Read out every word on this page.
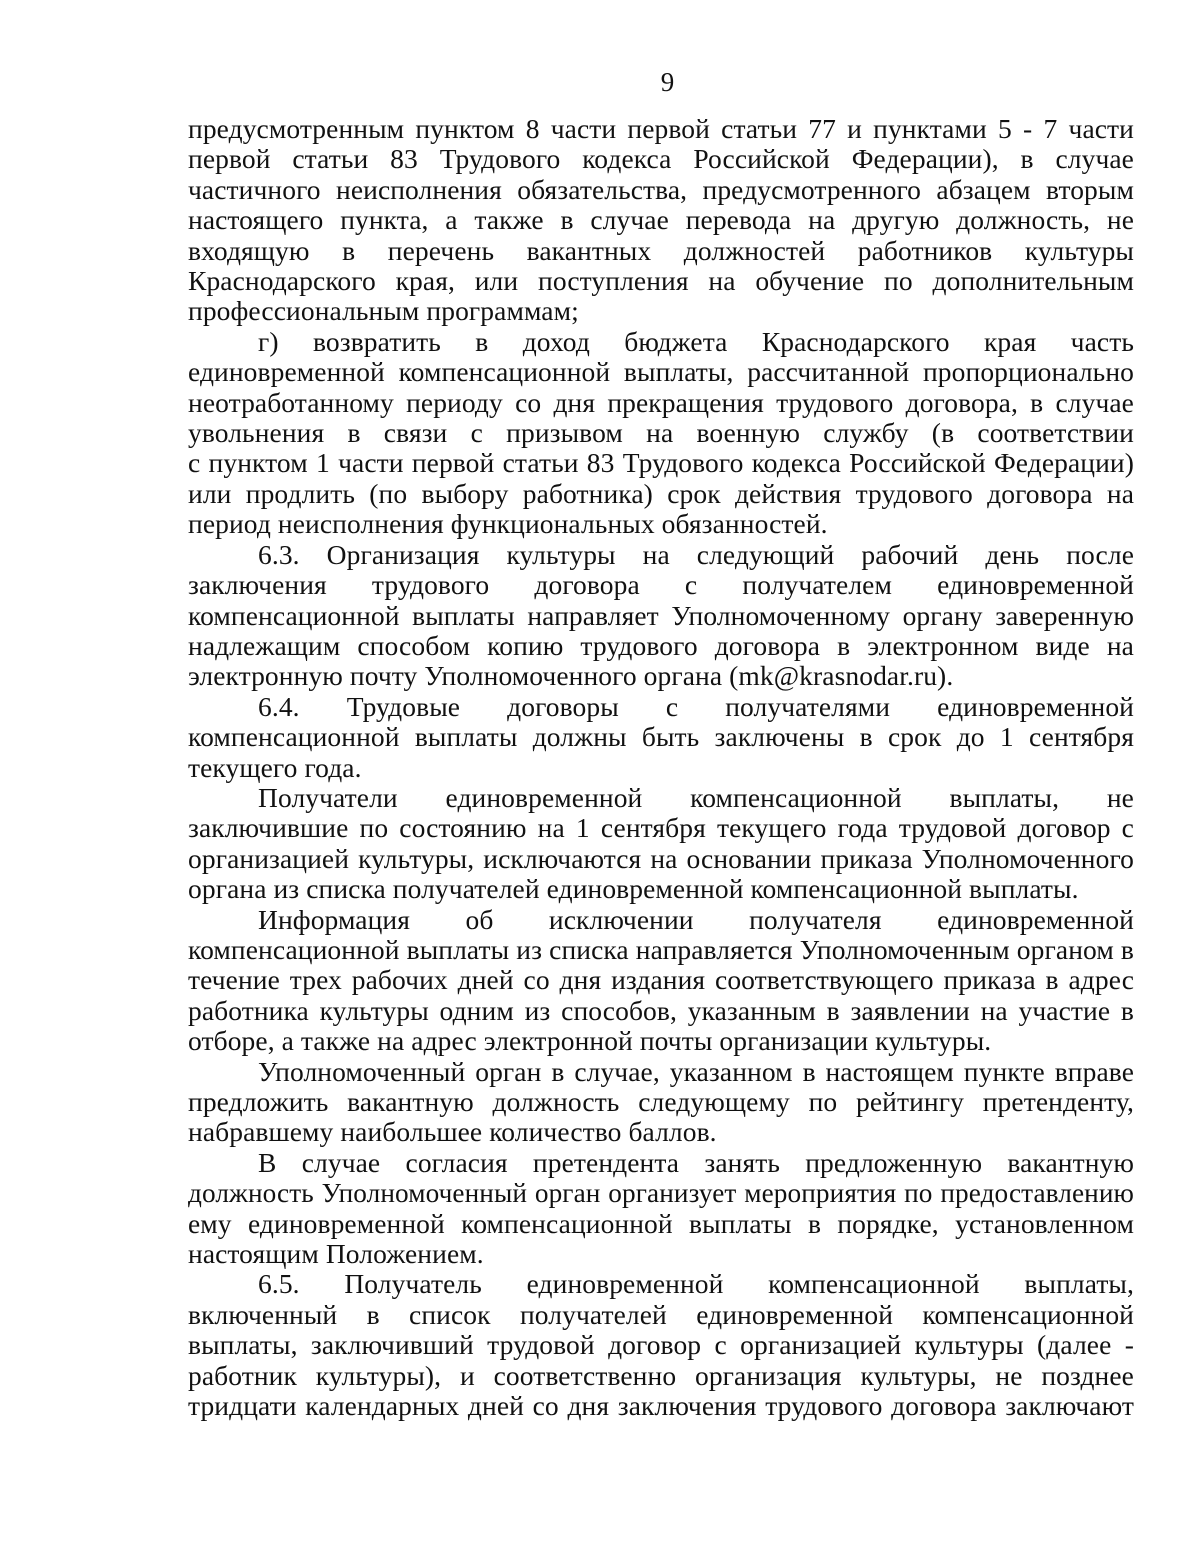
9
предусмотренным пунктом 8 части первой статьи 77 и пунктами 5 - 7 части
первой статьи 83 Трудового кодекса Российской Федерации), в случае
частичного неисполнения обязательства, предусмотренного абзацем вторым
настоящего пункта, а также в случае перевода на другую должность, не
входящую в перечень вакантных должностей работников культуры
Краснодарского края, или поступления на обучение по дополнительным
профессиональным программам;
г) возвратить в доход бюджета Краснодарского края часть
единовременной компенсационной выплаты, рассчитанной пропорционально
неотработанному периоду со дня прекращения трудового договора, в случае
увольнения в связи с призывом на военную службу (в соответствии
с пунктом 1 части первой статьи 83 Трудового кодекса Российской Федерации)
или продлить (по выбору работника) срок действия трудового договора на
период неисполнения функциональных обязанностей.
6.3. Организация культуры на следующий рабочий день после
заключения трудового договора с получателем единовременной
компенсационной выплаты направляет Уполномоченному органу заверенную
надлежащим способом копию трудового договора в электронном виде на
электронную почту Уполномоченного органа (mk@krasnodar.ru).
6.4. Трудовые договоры с получателями единовременной
компенсационной выплаты должны быть заключены в срок до 1 сентября
текущего года.
Получатели единовременной компенсационной выплаты, не
заключившие по состоянию на 1 сентября текущего года трудовой договор с
организацией культуры, исключаются на основании приказа Уполномоченного
органа из списка получателей единовременной компенсационной выплаты.
Информация об исключении получателя единовременной
компенсационной выплаты из списка направляется Уполномоченным органом в
течение трех рабочих дней со дня издания соответствующего приказа в адрес
работника культуры одним из способов, указанным в заявлении на участие в
отборе, а также на адрес электронной почты организации культуры.
Уполномоченный орган в случае, указанном в настоящем пункте вправе
предложить вакантную должность следующему по рейтингу претенденту,
набравшему наибольшее количество баллов.
В случае согласия претендента занять предложенную вакантную
должность Уполномоченный орган организует мероприятия по предоставлению
ему единовременной компенсационной выплаты в порядке, установленном
настоящим Положением.
6.5. Получатель единовременной компенсационной выплаты,
включенный в список получателей единовременной компенсационной
выплаты, заключивший трудовой договор с организацией культуры (далее -
работник культуры), и соответственно организация культуры, не позднее
тридцати календарных дней со дня заключения трудового договора заключают
